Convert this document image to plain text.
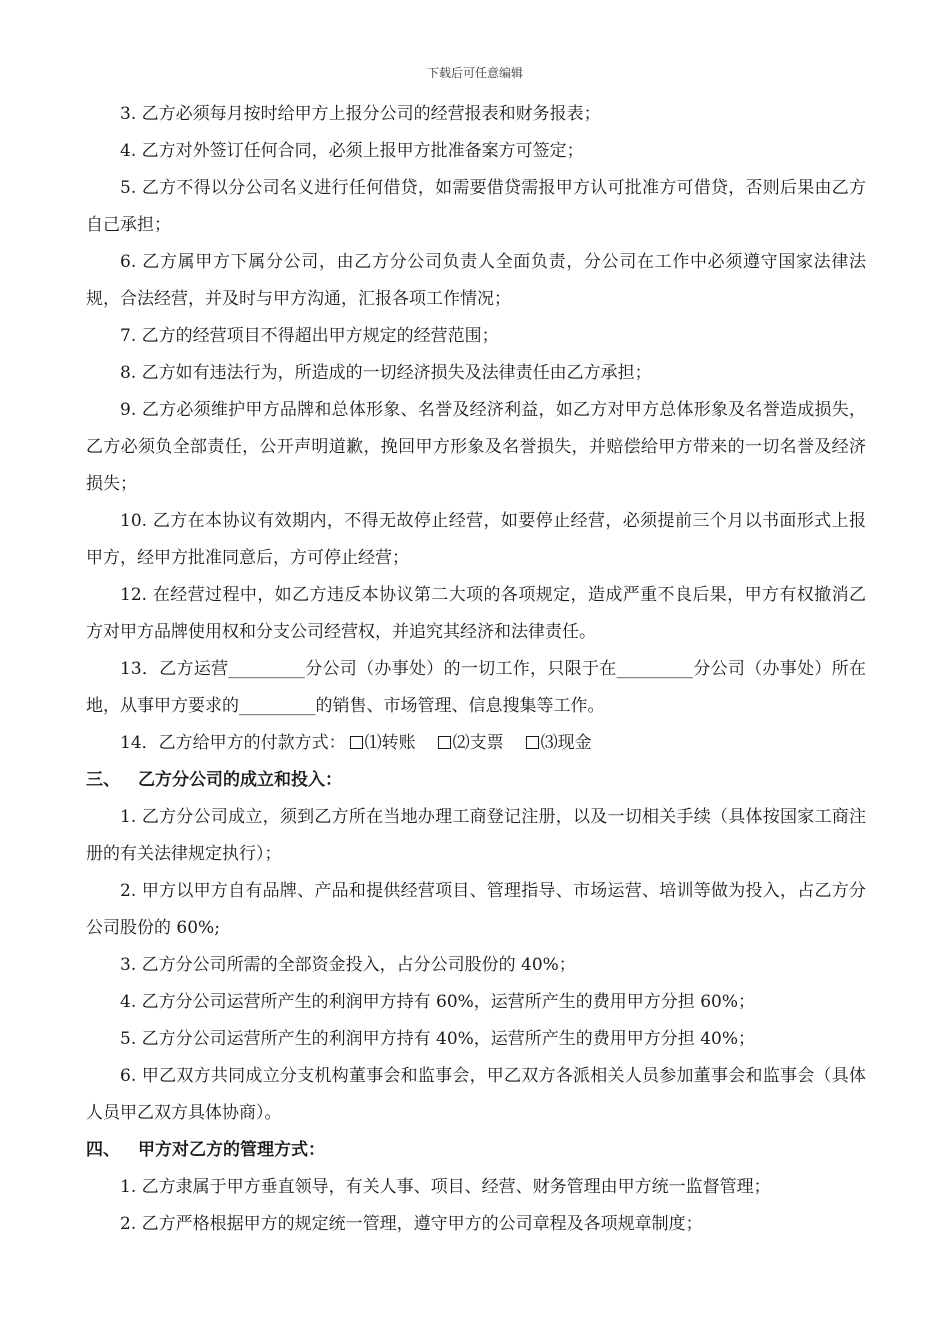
下载后可任意编辑

3. 乙方必须每月按时给甲方上报分公司的经营报表和财务报表；

4. 乙方对外签订任何合同，必须上报甲方批准备案方可签定；

5. 乙方不得以分公司名义进行任何借贷，如需要借贷需报甲方认可批准方可借贷，否则后果由乙方自己承担；

6. 乙方属甲方下属分公司，由乙方分公司负责人全面负责，分公司在工作中必须遵守国家法律法规，合法经营，并及时与甲方沟通，汇报各项工作情况；

7. 乙方的经营项目不得超出甲方规定的经营范围；

8. 乙方如有违法行为，所造成的一切经济损失及法律责任由乙方承担；

9. 乙方必须维护甲方品牌和总体形象、名誉及经济利益，如乙方对甲方总体形象及名誉造成损失，乙方必须负全部责任，公开声明道歉，挽回甲方形象及名誉损失，并赔偿给甲方带来的一切名誉及经济损失；

10. 乙方在本协议有效期内，不得无故停止经营，如要停止经营，必须提前三个月以书面形式上报甲方，经甲方批准同意后，方可停止经营；

12. 在经营过程中，如乙方违反本协议第二大项的各项规定，造成严重不良后果，甲方有权撤消乙方对甲方品牌使用权和分支公司经营权，并追究其经济和法律责任。

13．乙方运营_________分公司（办事处）的一切工作，只限于在_________分公司（办事处）所在地，从事甲方要求的_________的销售、市场管理、信息搜集等工作。

14．乙方给甲方的付款方式： ⑴转账 ⑵支票 ⑶现金

三、 乙方分公司的成立和投入：

1. 乙方分公司成立，须到乙方所在当地办理工商登记注册，以及一切相关手续（具体按国家工商注册的有关法律规定执行）；

2. 甲方以甲方自有品牌、产品和提供经营项目、管理指导、市场运营、培训等做为投入，占乙方分公司股份的 60%;

3. 乙方分公司所需的全部资金投入，占分公司股份的 40%；

4. 乙方分公司运营所产生的利润甲方持有 60%，运营所产生的费用甲方分担 60%；

5. 乙方分公司运营所产生的利润甲方持有 40%，运营所产生的费用甲方分担 40%；

6. 甲乙双方共同成立分支机构董事会和监事会，甲乙双方各派相关人员参加董事会和监事会（具体人员甲乙双方具体协商）。

四、 甲方对乙方的管理方式：

1. 乙方隶属于甲方垂直领导，有关人事、项目、经营、财务管理由甲方统一监督管理；

2. 乙方严格根据甲方的规定统一管理，遵守甲方的公司章程及各项规章制度；
